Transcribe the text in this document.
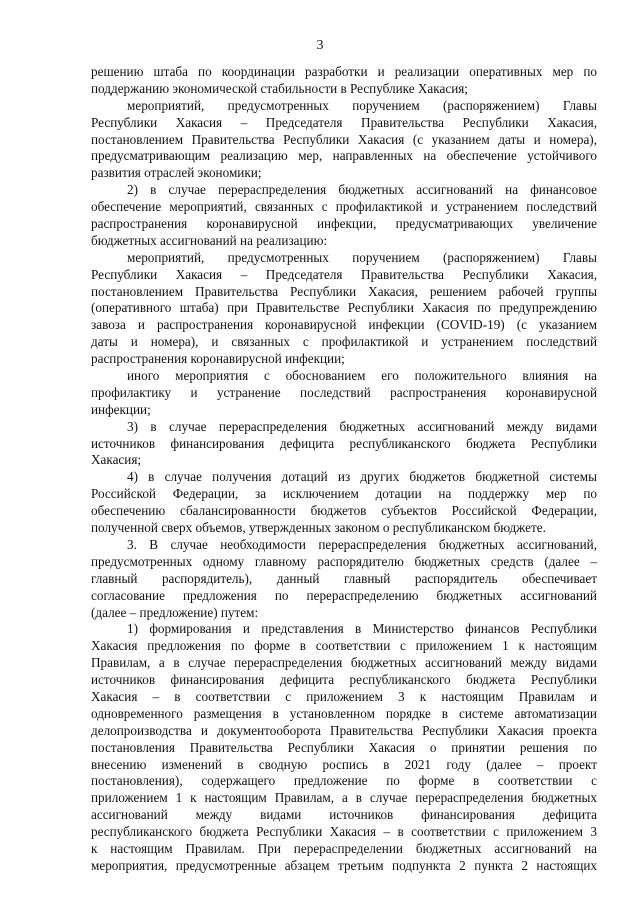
3
решению штаба по координации разработки и реализации оперативных мер по
поддержанию экономической стабильности в Республике Хакасия;
мероприятий, предусмотренных поручением (распоряжением) Главы
Республики Хакасия – Председателя Правительства Республики Хакасия,
постановлением Правительства Республики Хакасия (с указанием даты и номера),
предусматривающим реализацию мер, направленных на обеспечение устойчивого
развития отраслей экономики;
2) в случае перераспределения бюджетных ассигнований на финансовое
обеспечение мероприятий, связанных с профилактикой и устранением последствий
распространения коронавирусной инфекции, предусматривающих увеличение
бюджетных ассигнований на реализацию:
мероприятий, предусмотренных поручением (распоряжением) Главы
Республики Хакасия – Председателя Правительства Республики Хакасия,
постановлением Правительства Республики Хакасия, решением рабочей группы
(оперативного штаба) при Правительстве Республики Хакасия по предупреждению
завоза и распространения коронавирусной инфекции (COVID-19) (с указанием
даты и номера), и связанных с профилактикой и устранением последствий
распространения коронавирусной инфекции;
иного мероприятия с обоснованием его положительного влияния на
профилактику и устранение последствий распространения коронавирусной
инфекции;
3) в случае перераспределения бюджетных ассигнований между видами
источников финансирования дефицита республиканского бюджета Республики
Хакасия;
4) в случае получения дотаций из других бюджетов бюджетной системы
Российской Федерации, за исключением дотации на поддержку мер по
обеспечению сбалансированности бюджетов субъектов Российской Федерации,
полученной сверх объемов, утвержденных законом о республиканском бюджете.
3. В случае необходимости перераспределения бюджетных ассигнований,
предусмотренных одному главному распорядителю бюджетных средств (далее –
главный распорядитель), данный главный распорядитель обеспечивает
согласование предложения по перераспределению бюджетных ассигнований
(далее – предложение) путем:
1) формирования и представления в Министерство финансов Республики
Хакасия предложения по форме в соответствии с приложением 1 к настоящим
Правилам, а в случае перераспределения бюджетных ассигнований между видами
источников финансирования дефицита республиканского бюджета Республики
Хакасия – в соответствии с приложением 3 к настоящим Правилам и
одновременного размещения в установленном порядке в системе автоматизации
делопроизводства и документооборота Правительства Республики Хакасия проекта
постановления Правительства Республики Хакасия о принятии решения по
внесению изменений в сводную роспись в 2021 году (далее – проект
постановления), содержащего предложение по форме в соответствии с
приложением 1 к настоящим Правилам, а в случае перераспределения бюджетных
ассигнований между видами источников финансирования дефицита
республиканского бюджета Республики Хакасия – в соответствии с приложением 3
к настоящим Правилам. При перераспределении бюджетных ассигнований на
мероприятия, предусмотренные абзацем третьим подпункта 2 пункта 2 настоящих
